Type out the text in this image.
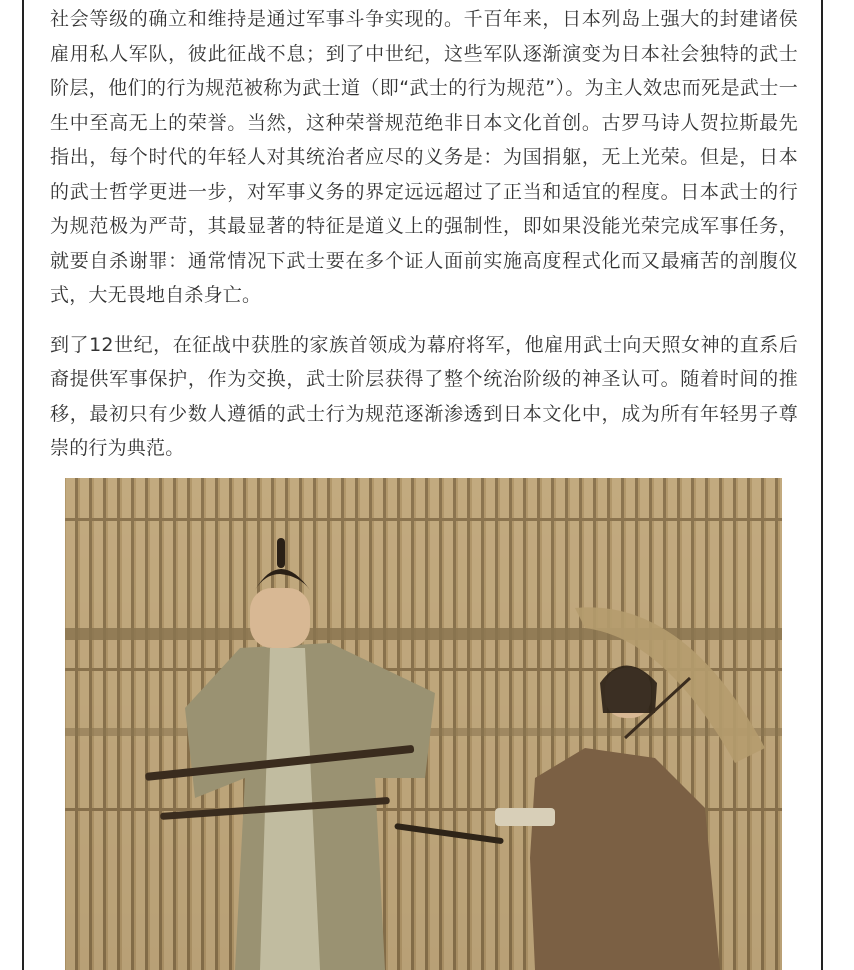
社会等级的确立和维持是通过军事斗争实现的。千百年来，日本列岛上强大的封建诸侯雇用私人军队，彼此征战不息；到了中世纪，这些军队逐渐演变为日本社会独特的武士阶层，他们的行为规范被称为武士道（即“武士的行为规范”）。为主人效忠而死是武士一生中至高无上的荣誉。当然，这种荣誉规范绝非日本文化首创。古罗马诗人贺拉斯最先指出，每个时代的年轻人对其统治者应尽的义务是：为国捐躯，无上光荣。但是，日本的武士哲学更进一步，对军事义务的界定远远超过了正当和适宜的程度。日本武士的行为规范极为严苛，其最显著的特征是道义上的强制性，即如果没能光荣完成军事任务，就要自杀谢罪：通常情况下武士要在多个证人面前实施高度程式化而又最痛苦的剖腹仪式，大无畏地自杀身亡。

到了12世纪，在征战中获胜的家族首领成为幕府将军，他雇用武士向天照女神的直系后裔提供军事保护，作为交换，武士阶层获得了整个统治阶级的神圣认可。随着时间的推移，最初只有少数人遵循的武士行为规范逐渐渗透到日本文化中，成为所有年轻男子尊崇的行为典范。
